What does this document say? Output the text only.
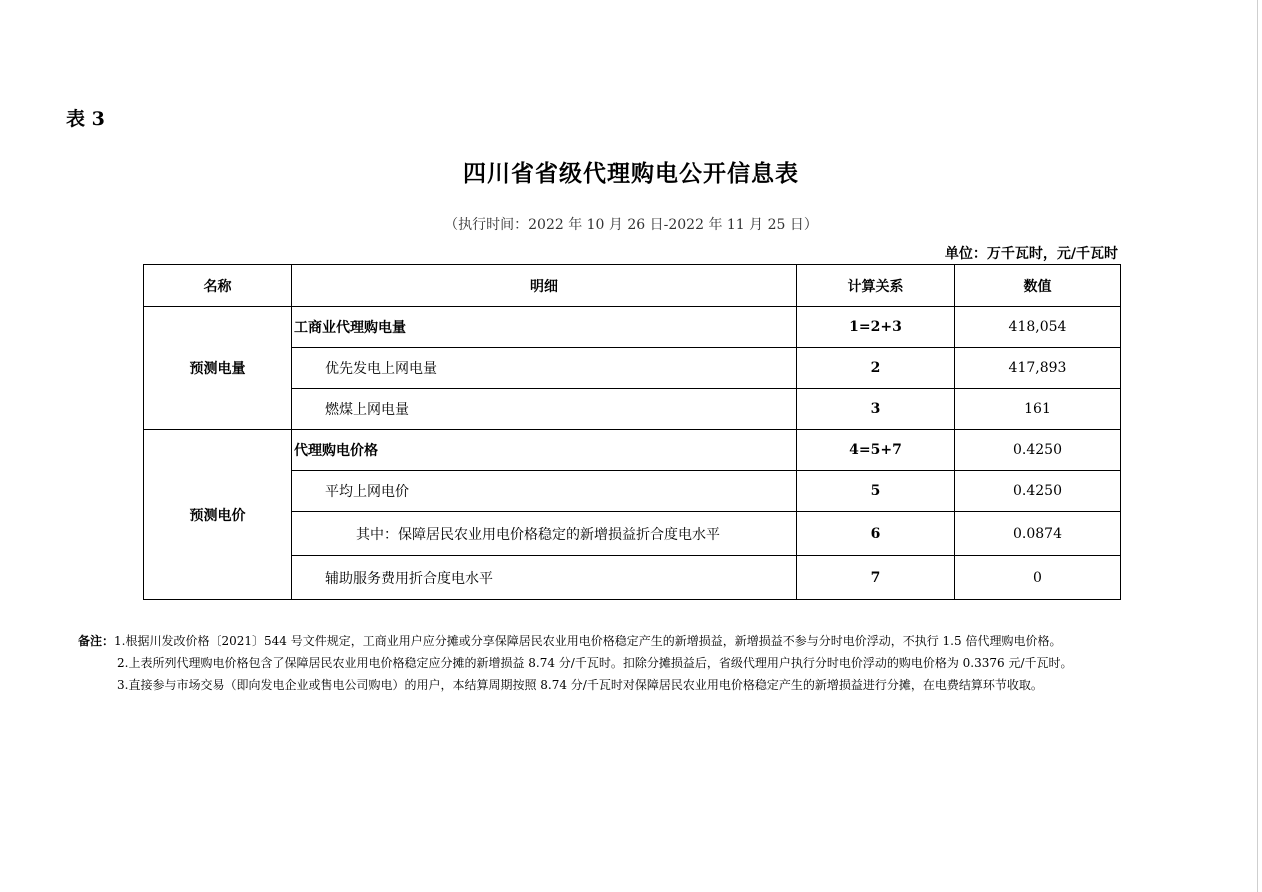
表 3
四川省省级代理购电公开信息表
（执行时间：2022 年 10 月 26 日-2022 年 11 月 25 日）
单位：万千瓦时，元/千瓦时
名称	明细	计算关系	数值
预测电量	工商业代理购电量	1=2+3	418,054
	优先发电上网电量	2	417,893
	燃煤上网电量	3	161
预测电价	代理购电价格	4=5+7	0.4250
	平均上网电价	5	0.4250
	其中：保障居民农业用电价格稳定的新增损益折合度电水平	6	0.0874
	辅助服务费用折合度电水平	7	0
备注：1.根据川发改价格〔2021〕544 号文件规定，工商业用户应分摊或分享保障居民农业用电价格稳定产生的新增损益，新增损益不参与分时电价浮动，不执行 1.5 倍代理购电价格。
2.上表所列代理购电价格包含了保障居民农业用电价格稳定应分摊的新增损益 8.74 分/千瓦时。扣除分摊损益后，省级代理用户执行分时电价浮动的购电价格为 0.3376 元/千瓦时。
3.直接参与市场交易（即向发电企业或售电公司购电）的用户，本结算周期按照 8.74 分/千瓦时对保障居民农业用电价格稳定产生的新增损益进行分摊，在电费结算环节收取。
